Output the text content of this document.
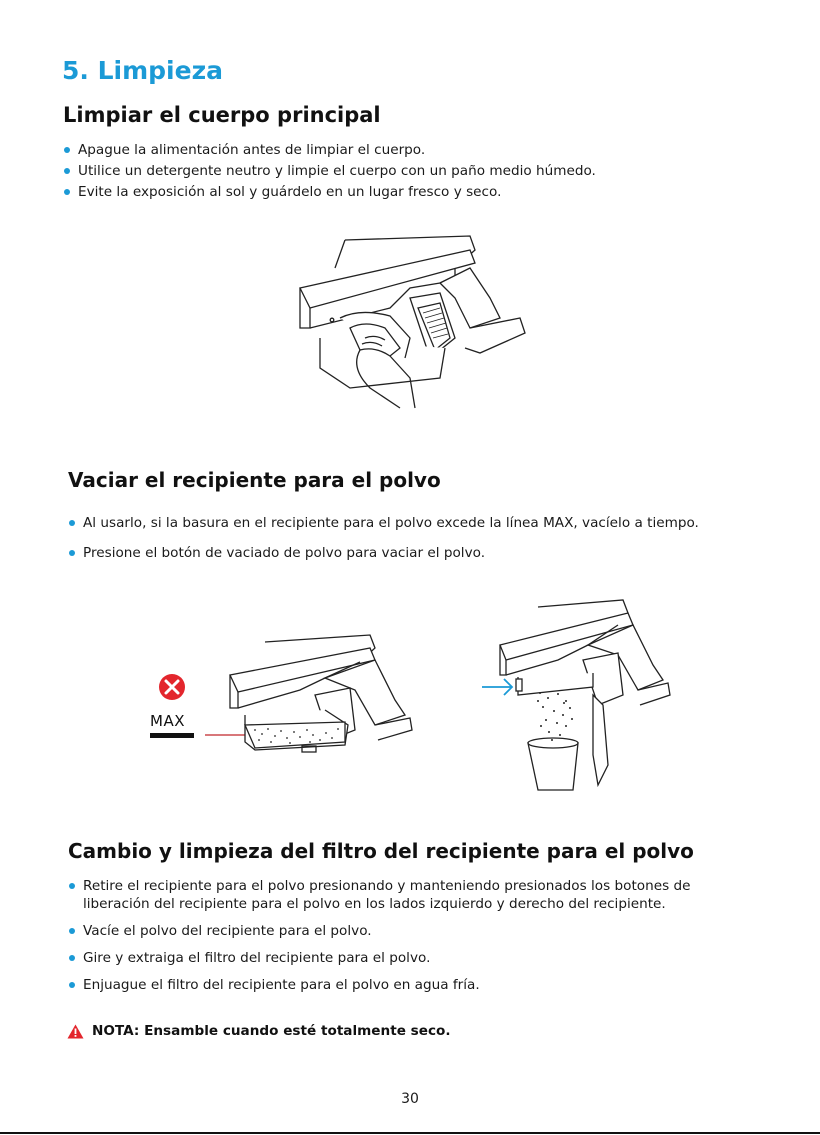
5. Limpieza
Limpiar el cuerpo principal
Apague la alimentación antes de limpiar el cuerpo.
Utilice un detergente neutro y limpie el cuerpo con un paño medio húmedo.
Evite la exposición al sol y guárdelo en un lugar fresco y seco.
Vaciar el recipiente para el polvo
Al usarlo, si la basura en el recipiente para el polvo excede la línea MAX, vacíelo a tiempo.
Presione el botón de vaciado de polvo para vaciar el polvo.
MAX
Cambio y limpieza del filtro del recipiente para el polvo
Retire el recipiente para el polvo presionando y manteniendo presionados los botones de liberación del recipiente para el polvo en los lados izquierdo y derecho del recipiente.
Vacíe el polvo del recipiente para el polvo.
Gire y extraiga el filtro del recipiente para el polvo.
Enjuague el filtro del recipiente para el polvo en agua fría.
NOTA: Ensamble cuando esté totalmente seco.
30
